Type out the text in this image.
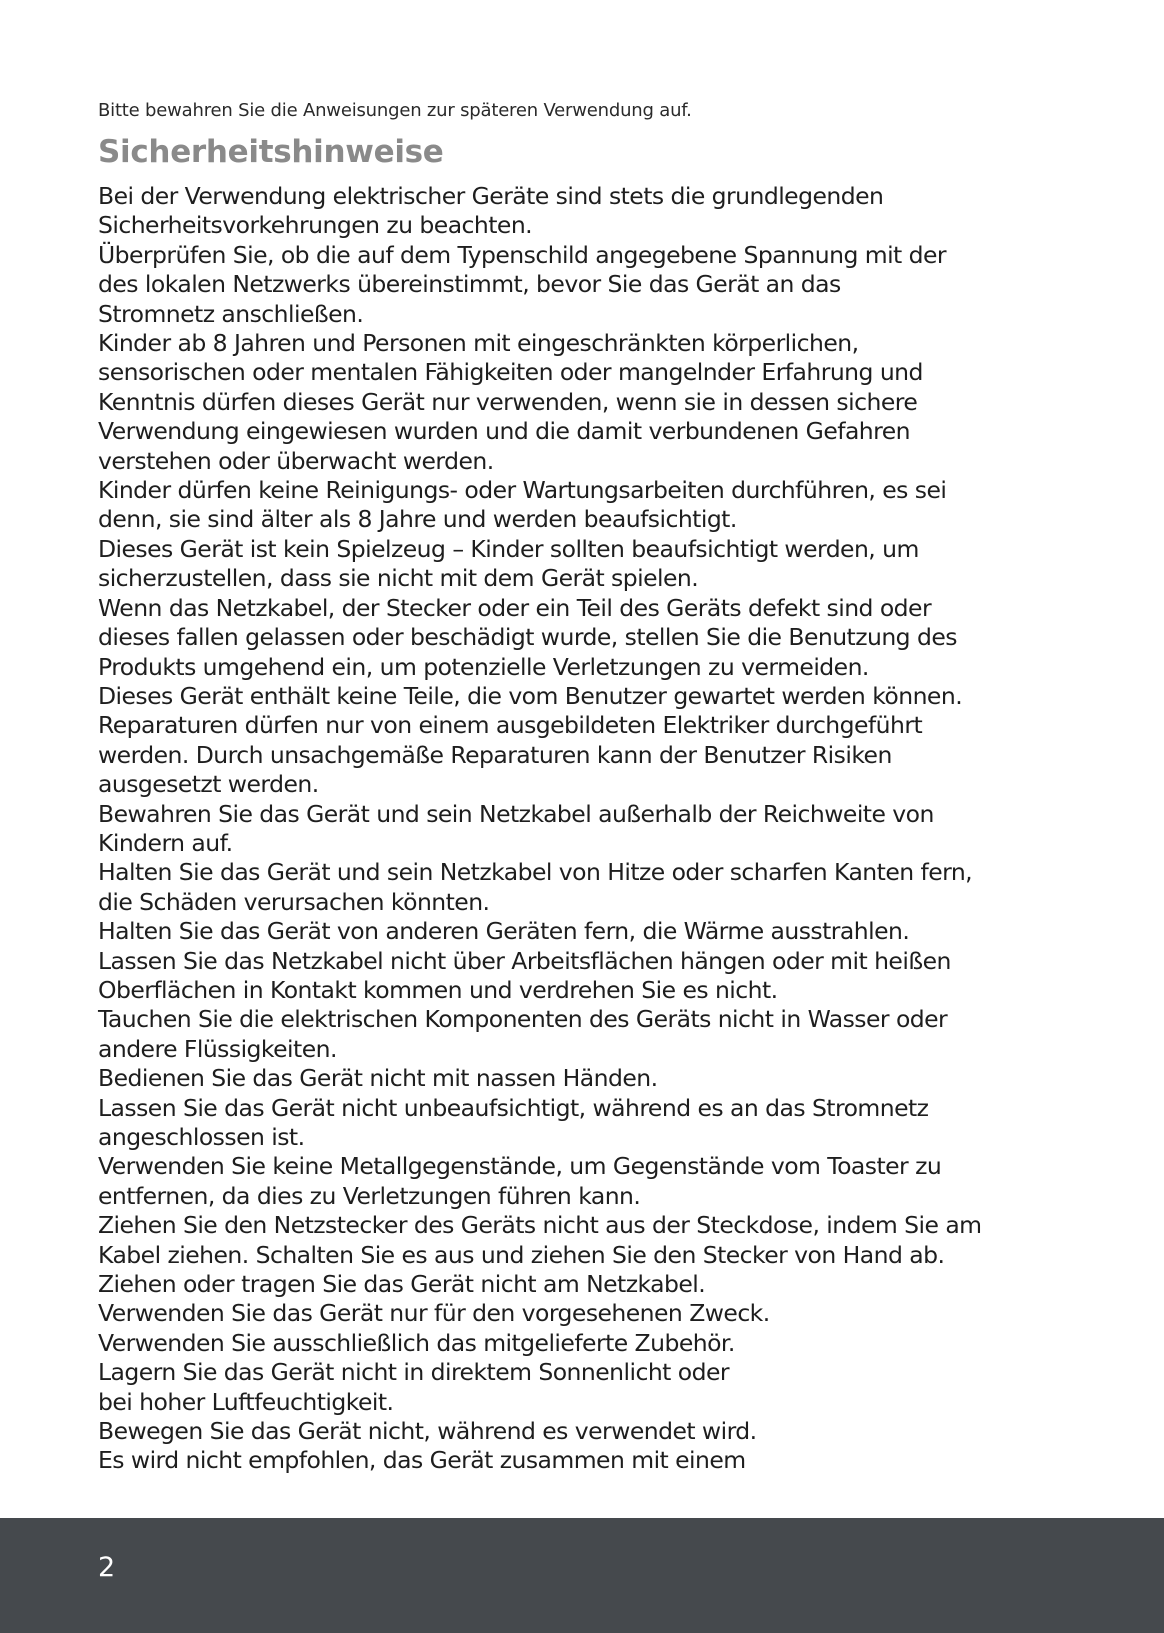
Bitte bewahren Sie die Anweisungen zur späteren Verwendung auf.

Sicherheitshinweise
Bei der Verwendung elektrischer Geräte sind stets die grundlegenden
Sicherheitsvorkehrungen zu beachten.
Überprüfen Sie, ob die auf dem Typenschild angegebene Spannung mit der
des lokalen Netzwerks übereinstimmt, bevor Sie das Gerät an das
Stromnetz anschließen.
Kinder ab 8 Jahren und Personen mit eingeschränkten körperlichen,
sensorischen oder mentalen Fähigkeiten oder mangelnder Erfahrung und
Kenntnis dürfen dieses Gerät nur verwenden, wenn sie in dessen sichere
Verwendung eingewiesen wurden und die damit verbundenen Gefahren
verstehen oder überwacht werden.
Kinder dürfen keine Reinigungs- oder Wartungsarbeiten durchführen, es sei
denn, sie sind älter als 8 Jahre und werden beaufsichtigt.
Dieses Gerät ist kein Spielzeug – Kinder sollten beaufsichtigt werden, um
sicherzustellen, dass sie nicht mit dem Gerät spielen.
Wenn das Netzkabel, der Stecker oder ein Teil des Geräts defekt sind oder
dieses fallen gelassen oder beschädigt wurde, stellen Sie die Benutzung des
Produkts umgehend ein, um potenzielle Verletzungen zu vermeiden.
Dieses Gerät enthält keine Teile, die vom Benutzer gewartet werden können.
Reparaturen dürfen nur von einem ausgebildeten Elektriker durchgeführt
werden. Durch unsachgemäße Reparaturen kann der Benutzer Risiken
ausgesetzt werden.
Bewahren Sie das Gerät und sein Netzkabel außerhalb der Reichweite von
Kindern auf.
Halten Sie das Gerät und sein Netzkabel von Hitze oder scharfen Kanten fern,
die Schäden verursachen könnten.
Halten Sie das Gerät von anderen Geräten fern, die Wärme ausstrahlen.
Lassen Sie das Netzkabel nicht über Arbeitsflächen hängen oder mit heißen
Oberflächen in Kontakt kommen und verdrehen Sie es nicht.
Tauchen Sie die elektrischen Komponenten des Geräts nicht in Wasser oder
andere Flüssigkeiten.
Bedienen Sie das Gerät nicht mit nassen Händen.
Lassen Sie das Gerät nicht unbeaufsichtigt, während es an das Stromnetz
angeschlossen ist.
Verwenden Sie keine Metallgegenstände, um Gegenstände vom Toaster zu
entfernen, da dies zu Verletzungen führen kann.
Ziehen Sie den Netzstecker des Geräts nicht aus der Steckdose, indem Sie am
Kabel ziehen. Schalten Sie es aus und ziehen Sie den Stecker von Hand ab.
Ziehen oder tragen Sie das Gerät nicht am Netzkabel.
Verwenden Sie das Gerät nur für den vorgesehenen Zweck.
Verwenden Sie ausschließlich das mitgelieferte Zubehör.
Lagern Sie das Gerät nicht in direktem Sonnenlicht oder
bei hoher Luftfeuchtigkeit.
Bewegen Sie das Gerät nicht, während es verwendet wird.
Es wird nicht empfohlen, das Gerät zusammen mit einem
2
